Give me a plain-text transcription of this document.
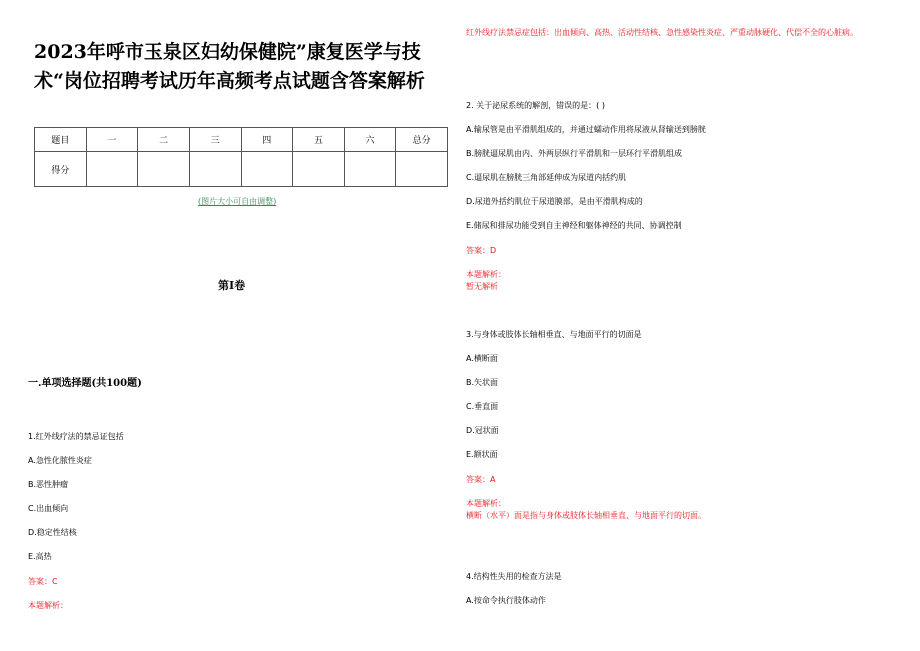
2023年呼市玉泉区妇幼保健院”康复医学与技
术“岗位招聘考试历年高频考点试题含答案解析
题目	一	二	三	四	五	六	总分
得分							
(图片大小可自由调整)
第Ⅰ卷
一.单项选择题(共100题)
1.红外线疗法的禁忌证包括
A.急性化脓性炎症
B.恶性肿瘤
C.出血倾向
D.稳定性结核
E.高热
答案：C
本题解析：
红外线疗法禁忌症包括：出血倾向、高热、活动性结核、急性感染性炎症、严重动脉硬化、代偿不全的心脏病。
2. 关于泌尿系统的解剖，错误的是：( )
A.输尿管是由平滑肌组成的，并通过蠕动作用将尿液从肾输送到膀胱
B.膀胱逼尿肌由内、外两层纵行平滑肌和一层环行平滑肌组成
C.逼尿肌在膀胱三角部延伸成为尿道内括约肌
D.尿道外括约肌位于尿道膜部，是由平滑肌构成的
E.储尿和排尿功能受到自主神经和躯体神经的共同、协调控制
答案：D
本题解析：
暂无解析
3.与身体或肢体长轴相垂直、与地面平行的切面是
A.横断面
B.矢状面
C.垂直面
D.冠状面
E.额状面
答案：A
本题解析：
横断（水平）面是指与身体或肢体长轴相垂直、与地面平行的切面。
4.结构性失用的检查方法是
A.按命令执行肢体动作
